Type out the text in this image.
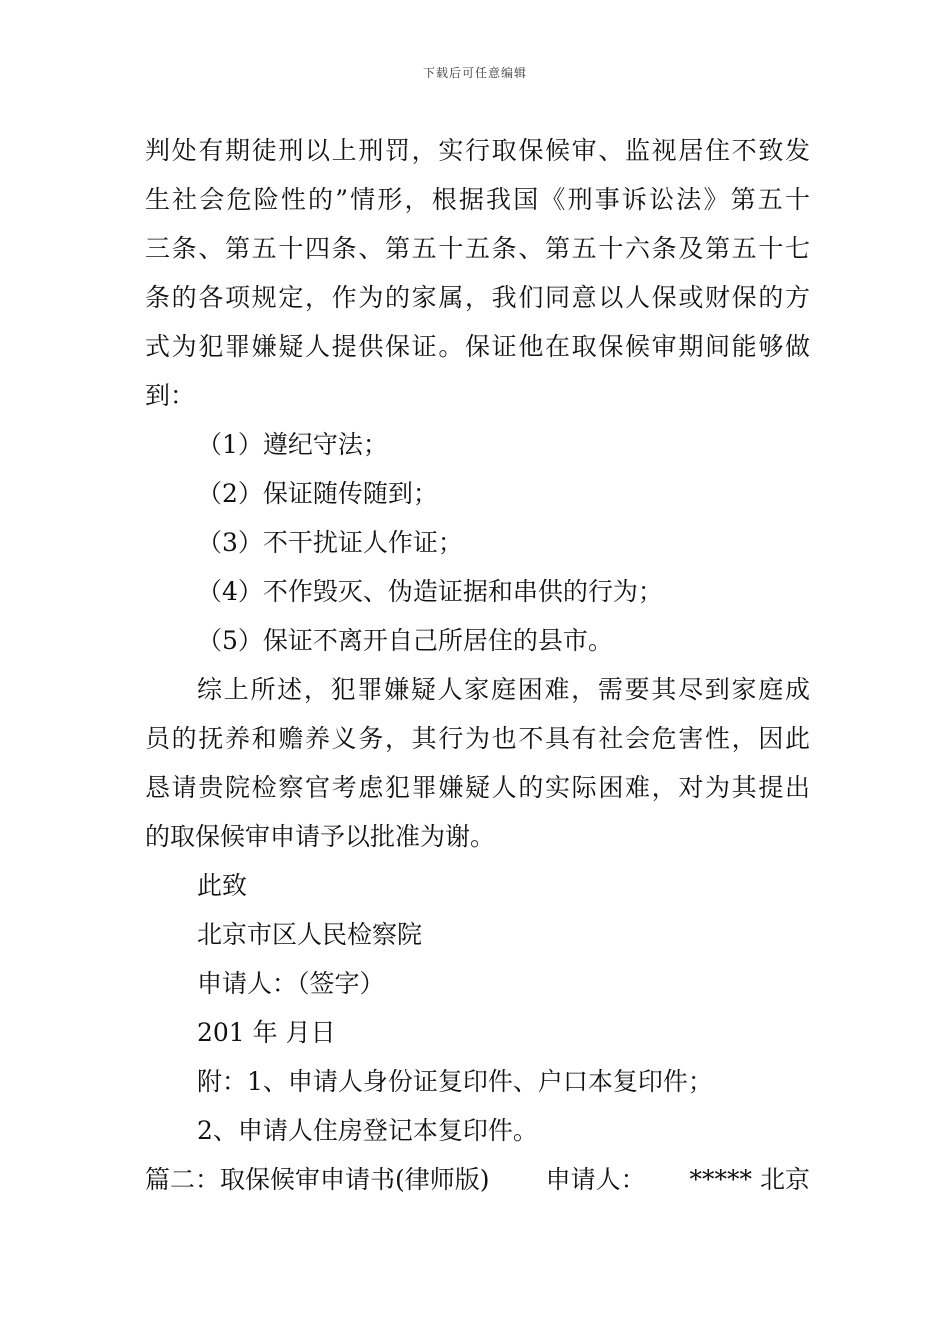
下载后可任意编辑
判处有期徒刑以上刑罚，实行取保候审、监视居住不致发
生社会危险性的”情形，根据我国《刑事诉讼法》第五十
三条、第五十四条、第五十五条、第五十六条及第五十七
条的各项规定，作为的家属，我们同意以人保或财保的方
式为犯罪嫌疑人提供保证。保证他在取保候审期间能够做
到：
（1）遵纪守法；
（2）保证随传随到；
（3）不干扰证人作证；
（4）不作毁灭、伪造证据和串供的行为；
（5）保证不离开自己所居住的县市。
综上所述，犯罪嫌疑人家庭困难，需要其尽到家庭成
员的抚养和赡养义务，其行为也不具有社会危害性，因此
恳请贵院检察官考虑犯罪嫌疑人的实际困难，对为其提出
的取保候审申请予以批准为谢。
此致
北京市区人民检察院
申请人：（签字）
201 年 月日
附：1、申请人身份证复印件、户口本复印件；
2、申请人住房登记本复印件。
篇二：取保候审申请书(律师版) 申请人： ***** 北京
